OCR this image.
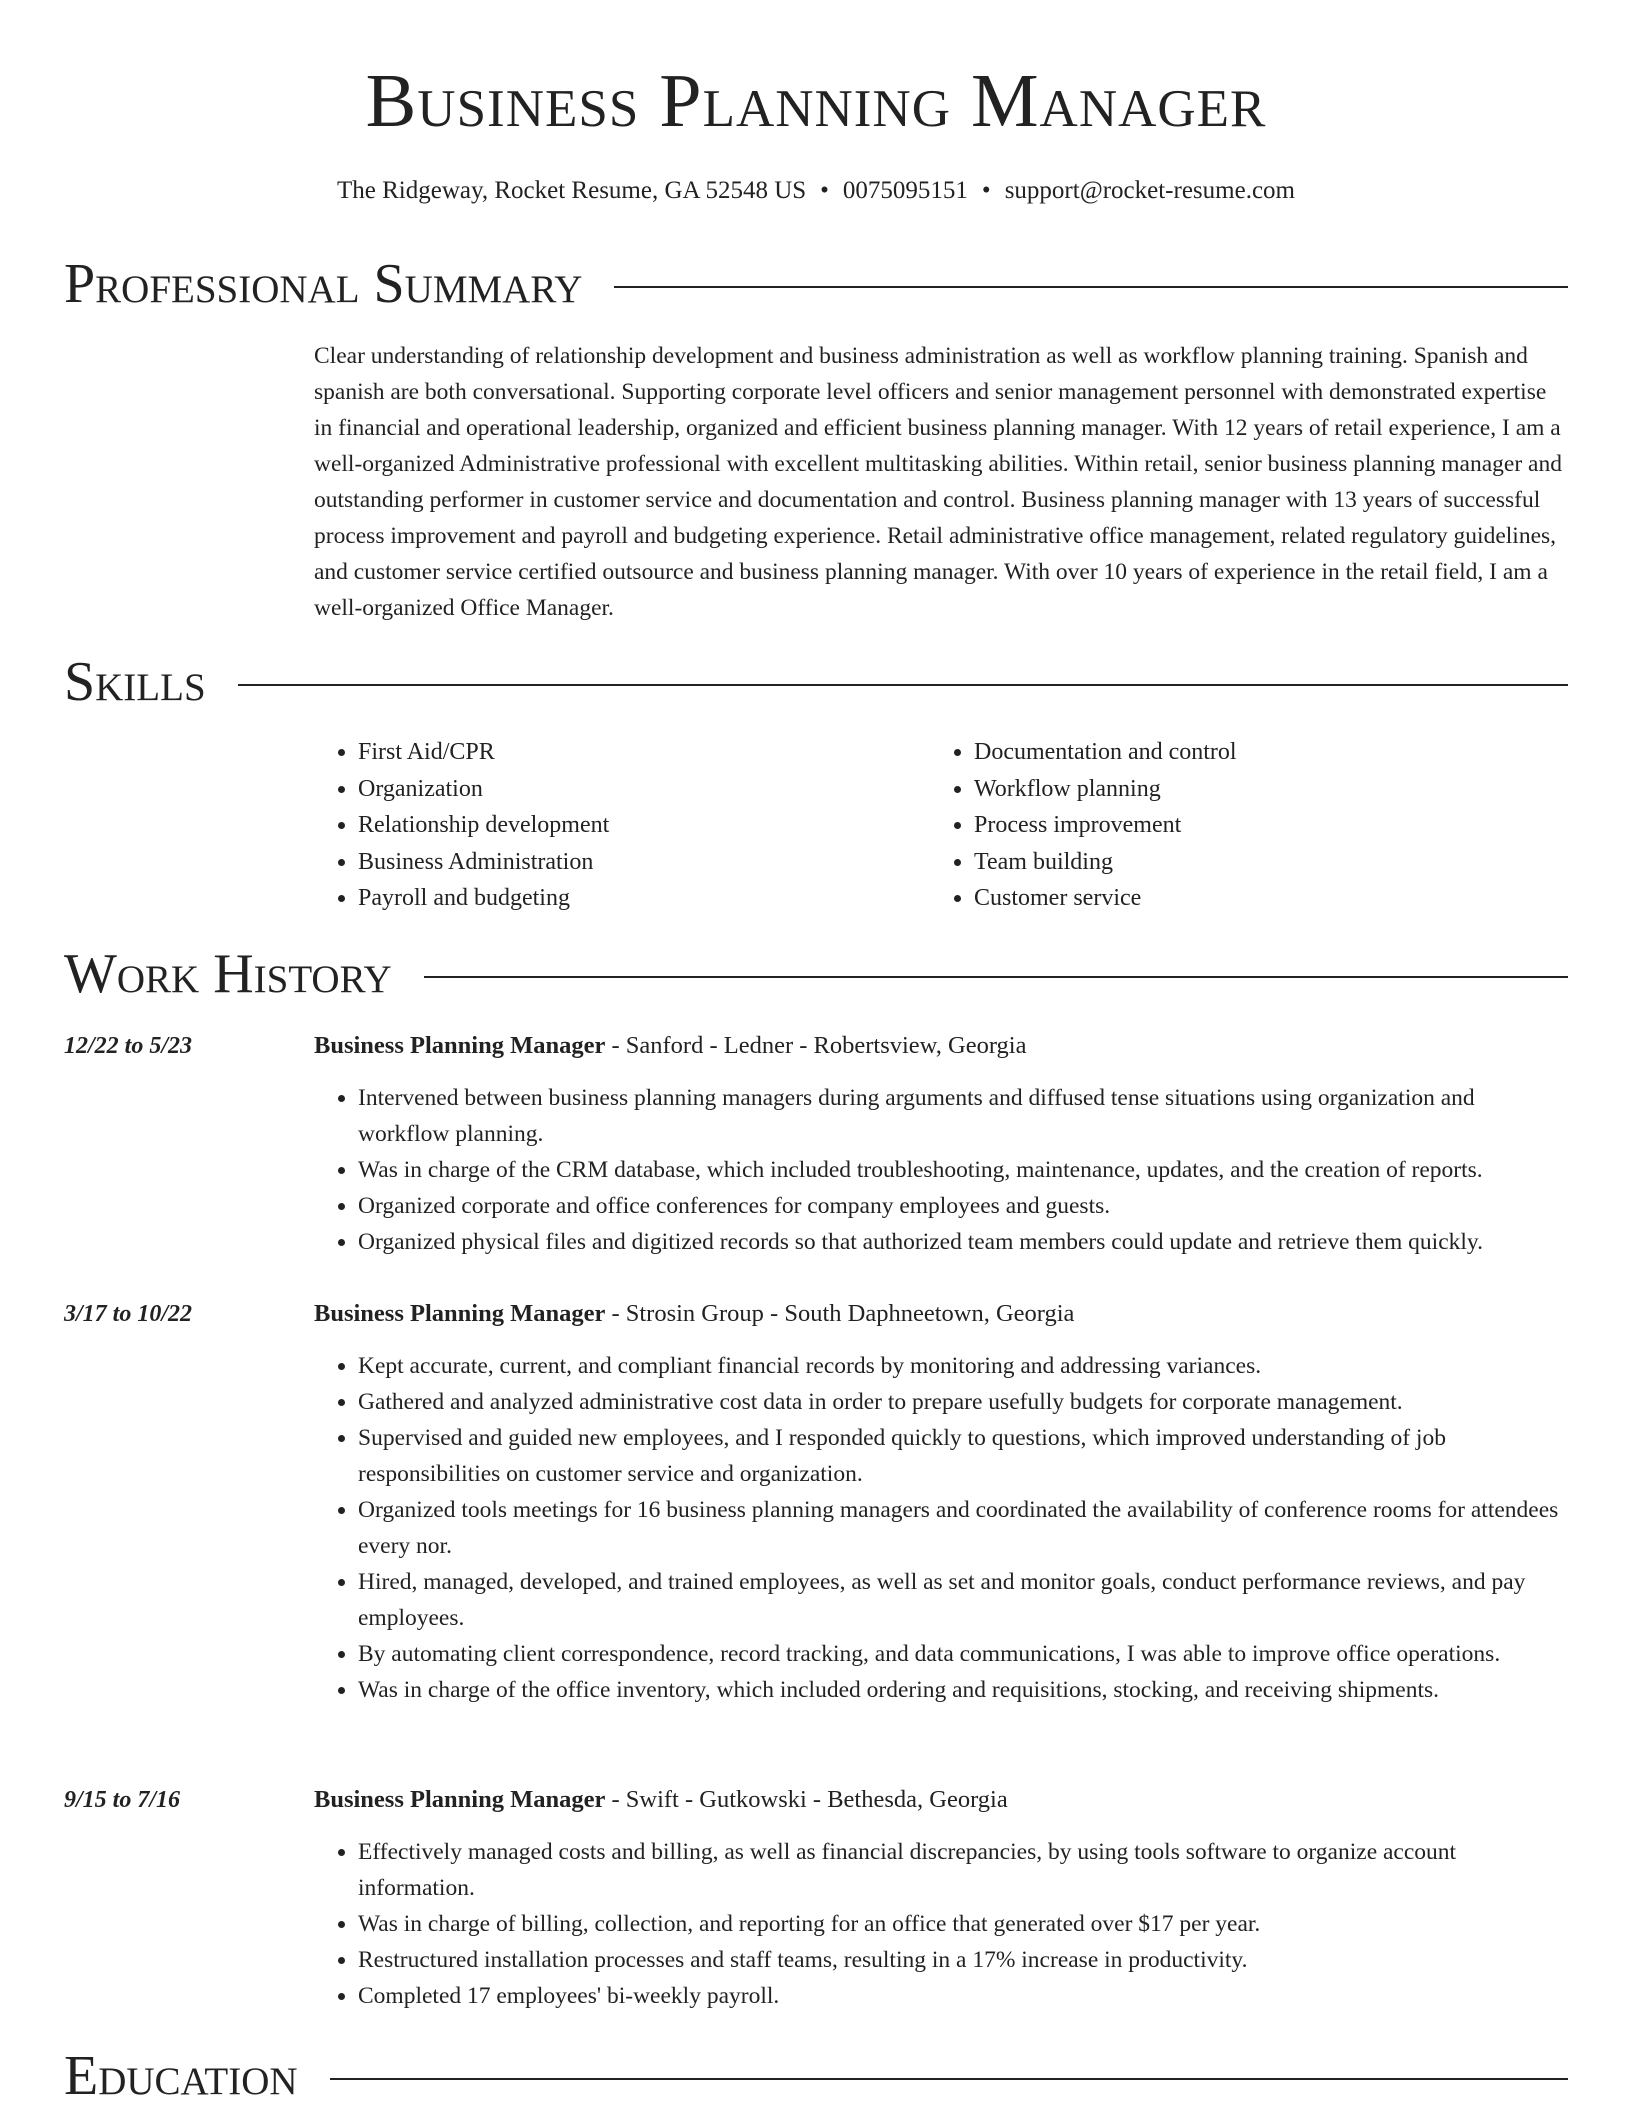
Business Planning Manager
The Ridgeway, Rocket Resume, GA 52548 US • 0075095151 • support@rocket-resume.com
Professional Summary

Clear understanding of relationship development and business administration as well as workflow planning training. Spanish and spanish are both conversational. Supporting corporate level officers and senior management personnel with demonstrated expertise in financial and operational leadership, organized and efficient business planning manager. With 12 years of retail experience, I am a well-organized Administrative professional with excellent multitasking abilities. Within retail, senior business planning manager and outstanding performer in customer service and documentation and control. Business planning manager with 13 years of successful process improvement and payroll and budgeting experience. Retail administrative office management, related regulatory guidelines, and customer service certified outsource and business planning manager. With over 10 years of experience in the retail field, I am a well-organized Office Manager.

Skills
• First Aid/CPR
• Organization
• Relationship development
• Business Administration
• Payroll and budgeting
• Documentation and control
• Workflow planning
• Process improvement
• Team building
• Customer service
Work History
12/22 to 5/23	Business Planning Manager - Sanford - Ledner - Robertsview, Georgia
• Intervened between business planning managers during arguments and diffused tense situations using organization and workflow planning.
• Was in charge of the CRM database, which included troubleshooting, maintenance, updates, and the creation of reports.
• Organized corporate and office conferences for company employees and guests.
• Organized physical files and digitized records so that authorized team members could update and retrieve them quickly.
3/17 to 10/22	Business Planning Manager - Strosin Group - South Daphneetown, Georgia
• Kept accurate, current, and compliant financial records by monitoring and addressing variances.
• Gathered and analyzed administrative cost data in order to prepare usefully budgets for corporate management.
• Supervised and guided new employees, and I responded quickly to questions, which improved understanding of job responsibilities on customer service and organization.
• Organized tools meetings for 16 business planning managers and coordinated the availability of conference rooms for attendees every nor.
• Hired, managed, developed, and trained employees, as well as set and monitor goals, conduct performance reviews, and pay employees.
• By automating client correspondence, record tracking, and data communications, I was able to improve office operations.
• Was in charge of the office inventory, which included ordering and requisitions, stocking, and receiving shipments.
9/15 to 7/16	Business Planning Manager - Swift - Gutkowski - Bethesda, Georgia
• Effectively managed costs and billing, as well as financial discrepancies, by using tools software to organize account information.
• Was in charge of billing, collection, and reporting for an office that generated over $17 per year.
• Restructured installation processes and staff teams, resulting in a 17% increase in productivity.
• Completed 17 employees' bi-weekly payroll.
Education
